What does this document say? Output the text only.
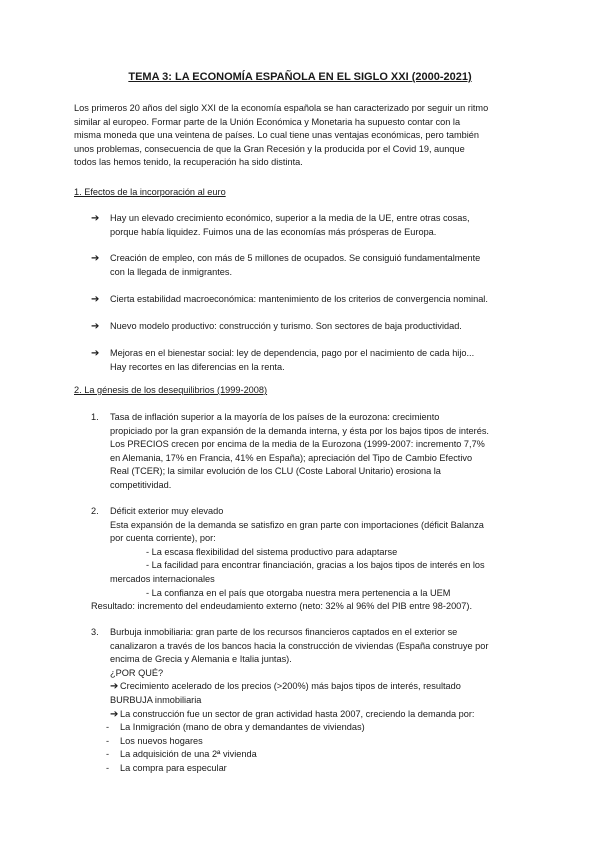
TEMA 3: LA ECONOMÍA ESPAÑOLA EN EL SIGLO XXI (2000-2021)
Los primeros 20 años del siglo XXI de la economía española se han caracterizado por seguir un ritmo
similar al europeo. Formar parte de la Unión Económica y Monetaria ha supuesto contar con la
misma moneda que una veintena de países. Lo cual tiene unas ventajas económicas, pero también
unos problemas, consecuencia de que la Gran Recesión y la producida por el Covid 19, aunque
todos las hemos tenido, la recuperación ha sido distinta.
1. Efectos de la incorporación al euro
➔ Hay un elevado crecimiento económico, superior a la media de la UE, entre otras cosas,
porque había liquidez. Fuimos una de las economías más prósperas de Europa.
➔ Creación de empleo, con más de 5 millones de ocupados. Se consiguió fundamentalmente
con la llegada de inmigrantes.
➔ Cierta estabilidad macroeconómica: mantenimiento de los criterios de convergencia nominal.
➔ Nuevo modelo productivo: construcción y turismo. Son sectores de baja productividad.
➔ Mejoras en el bienestar social: ley de dependencia, pago por el nacimiento de cada hijo...
Hay recortes en las diferencias en la renta.
2. La génesis de los desequilibrios (1999-2008)
1. Tasa de inflación superior a la mayoría de los países de la eurozona: crecimiento
propiciado por la gran expansión de la demanda interna, y ésta por los bajos tipos de interés.
Los PRECIOS crecen por encima de la media de la Eurozona (1999-2007: incremento 7,7%
en Alemania, 17% en Francia, 41% en España); apreciación del Tipo de Cambio Efectivo
Real (TCER); la similar evolución de los CLU (Coste Laboral Unitario) erosiona la
competitividad.
2. Déficit exterior muy elevado
Esta expansión de la demanda se satisfizo en gran parte con importaciones (déficit Balanza
por cuenta corriente), por:
- La escasa flexibilidad del sistema productivo para adaptarse
- La facilidad para encontrar financiación, gracias a los bajos tipos de interés en los
mercados internacionales
- La confianza en el país que otorgaba nuestra mera pertenencia a la UEM
Resultado: incremento del endeudamiento externo (neto: 32% al 96% del PIB entre 98-2007).
3. Burbuja inmobiliaria: gran parte de los recursos financieros captados en el exterior se
canalizaron a través de los bancos hacia la construcción de viviendas (España construye por
encima de Grecia y Alemania e Italia juntas).
¿POR QUÉ?
➔ Crecimiento acelerado de los precios (>200%) más bajos tipos de interés, resultado
BURBUJA inmobiliaria
➔ La construcción fue un sector de gran actividad hasta 2007, creciendo la demanda por:
- La Inmigración (mano de obra y demandantes de viviendas)
- Los nuevos hogares
- La adquisición de una 2ª vivienda
- La compra para especular
